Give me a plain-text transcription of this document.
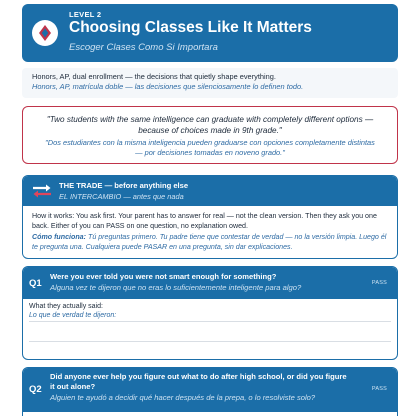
LEVEL 2
Choosing Classes Like It Matters
Escoger Clases Como Si Importara
Honors, AP, dual enrollment — the decisions that quietly shape everything.
Honors, AP, matrícula doble — las decisiones que silenciosamente lo definen todo.
"Two students with the same intelligence can graduate with completely different options — because of choices made in 9th grade."
"Dos estudiantes con la misma inteligencia pueden graduarse con opciones completamente distintas — por decisiones tomadas en noveno grado."
THE TRADE — before anything else
EL INTERCAMBIO — antes que nada
How it works: You ask first. Your parent has to answer for real — not the clean version. Then they ask you one back. Either of you can PASS on one question, no explanation owed.
Cómo funciona: Tú preguntas primero. Tu padre tiene que contestar de verdad — no la versión limpia. Luego él te pregunta una. Cualquiera puede PASAR en una pregunta, sin dar explicaciones.
Q1
Were you ever told you were not smart enough for something?
Alguna vez te dijeron que no eras lo suficientemente inteligente para algo?	PASS
What they actually said:
Lo que de verdad te dijeron:
Q2
Did anyone ever help you figure out what to do after high school, or did you figure it out alone?
Alguien te ayudó a decidir qué hacer después de la prepa, o lo resolviste solo?
PASS
